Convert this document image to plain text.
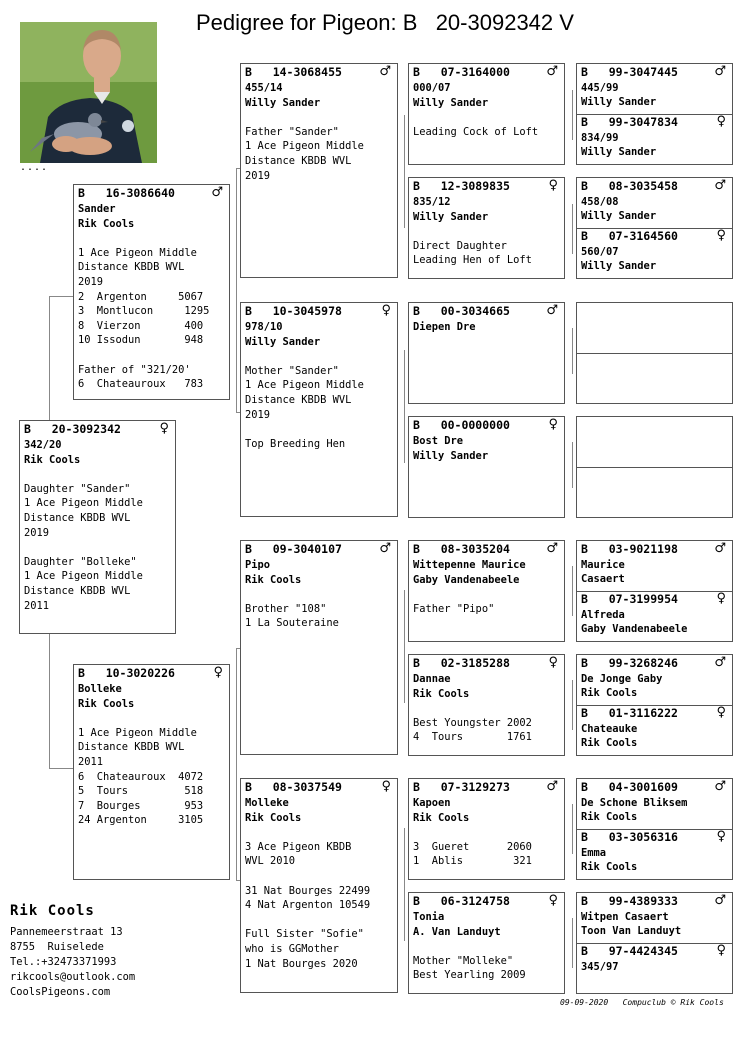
Pedigree for Pigeon: B   20-3092342 V
....
B   20-3092342	♀
342/20
Rik Cools
Daughter "Sander"
1 Ace Pigeon Middle
Distance KBDB WVL
2019
Daughter "Bolleke"
1 Ace Pigeon Middle
Distance KBDB WVL
2011
B   16-3086640	♂
Sander
Rik Cools
1 Ace Pigeon Middle
Distance KBDB WVL
2019
2  Argenton     5067
3  Montlucon     1295
8  Vierzon       400
10 Issodun       948
Father of "321/20'
6  Chateauroux   783
B   10-3020226	♀
Bolleke
Rik Cools
1 Ace Pigeon Middle
Distance KBDB WVL
2011
6  Chateauroux  4072
5  Tours         518
7  Bourges       953
24 Argenton     3105
B   14-3068455	♂
455/14
Willy Sander
Father "Sander"
1 Ace Pigeon Middle
Distance KBDB WVL
2019
B   10-3045978	♀
978/10
Willy Sander
Mother "Sander"
1 Ace Pigeon Middle
Distance KBDB WVL
2019
Top Breeding Hen
B   09-3040107	♂
Pipo
Rik Cools
Brother "108"
1 La Souteraine
B   08-3037549	♀
Molleke
Rik Cools
3 Ace Pigeon KBDB
WVL 2010
31 Nat Bourges 22499
4 Nat Argenton 10549
Full Sister "Sofie"
who is GGMother
1 Nat Bourges 2020
B   07-3164000	♂
000/07
Willy Sander
Leading Cock of Loft
B   12-3089835	♀
835/12
Willy Sander
Direct Daughter
Leading Hen of Loft
B   00-3034665	♂
Diepen Dre
B   00-0000000	♀
Bost Dre
Willy Sander
B   08-3035204	♂
Wittepenne Maurice
Gaby Vandenabeele
Father "Pipo"
B   02-3185288	♀
Dannae
Rik Cools
Best Youngster 2002
4  Tours       1761
B   07-3129273	♂
Kapoen
Rik Cools
3  Gueret      2060
1  Ablis        321
B   06-3124758	♀
Tonia
A. Van Landuyt
Mother "Molleke"
Best Yearling 2009
B   99-3047445	♂
445/99
Willy Sander
B   99-3047834	♀
834/99
Willy Sander
B   08-3035458	♂
458/08
Willy Sander
B   07-3164560	♀
560/07
Willy Sander
B   03-9021198	♂
Maurice
Casaert
B   07-3199954	♀
Alfreda
Gaby Vandenabeele
B   99-3268246	♂
De Jonge Gaby
Rik Cools
B   01-3116222	♀
Chateauke
Rik Cools
B   04-3001609	♂
De Schone Bliksem
Rik Cools
B   03-3056316	♀
Emma
Rik Cools
B   99-4389333	♂
Witpen Casaert
Toon Van Landuyt
B   97-4424345	♀
345/97
Rik Cools
Pannemeerstraat 13
8755  Ruiselede
Tel.:+32473371993
rikcools@outlook.com
CoolsPigeons.com
09-09-2020   Compuclub © Rik Cools
